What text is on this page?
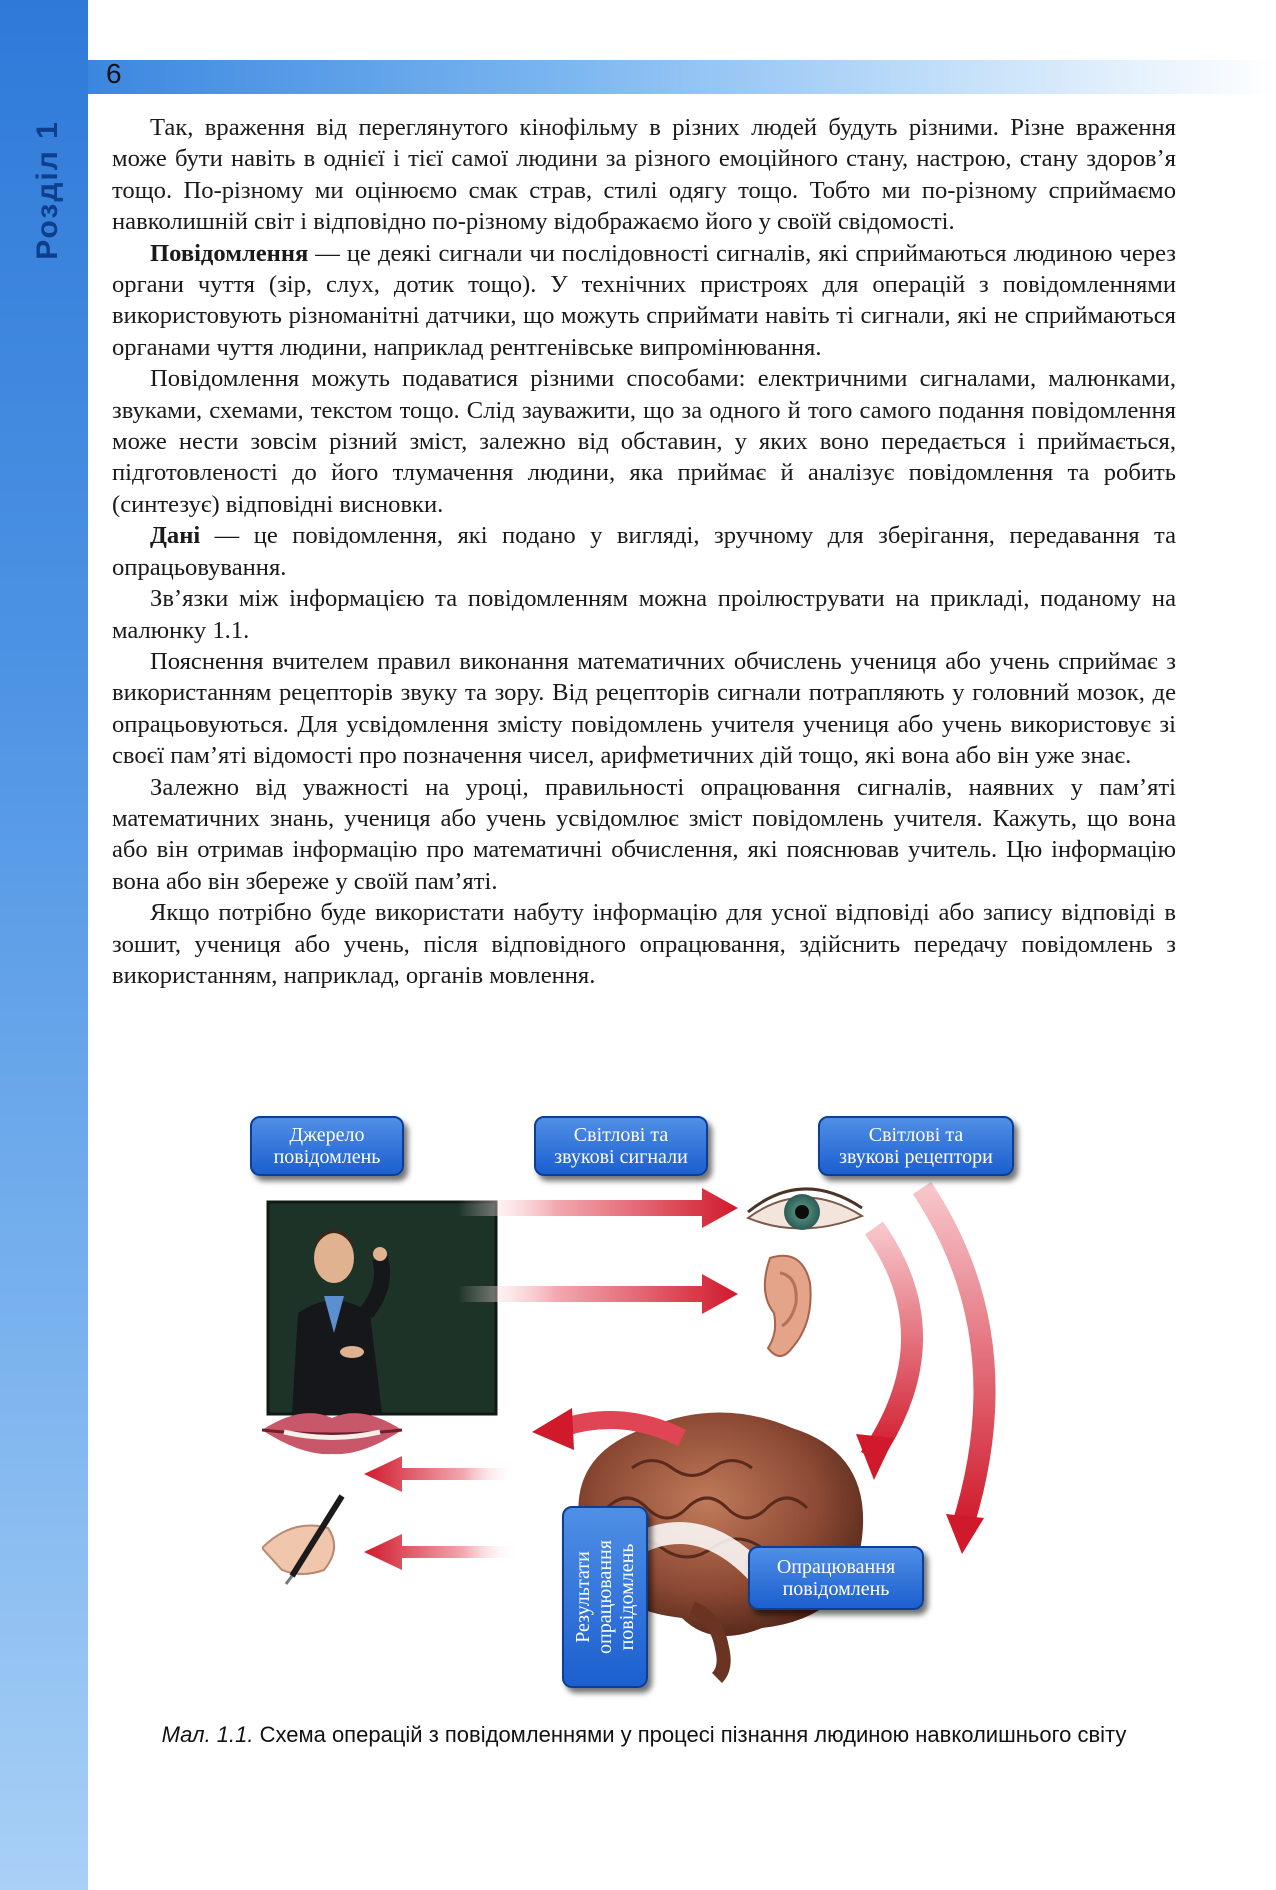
6
Розділ 1	Так, враження від переглянутого кінофільму в різних людей будуть різними. Різне враження може бути навіть в однієї і тієї самої людини за різного емоційного стану, настрою, стану здоров’я тощо. По-різному ми оцінюємо смак страв, стилі одягу тощо. Тобто ми по-різному сприймаємо навколишній світ і відповідно по-різному відображаємо його у своїй свідомості.

Повідомлення — це деякі сигнали чи послідовності сигналів, які сприймаються людиною через органи чуття (зір, слух, дотик тощо). У технічних пристроях для операцій з повідомленнями використовують різноманітні датчики, що можуть сприймати навіть ті сигнали, які не сприймаються органами чуття людини, наприклад рентгенівське випромінювання.

Повідомлення можуть подаватися різними способами: електричними сигналами, малюнками, звуками, схемами, текстом тощо. Слід зауважити, що за одного й того самого подання повідомлення може нести зовсім різний зміст, залежно від обставин, у яких воно передається і приймається, підготовленості до його тлумачення людини, яка приймає й аналізує повідомлення та робить (синтезує) відповідні висновки.

Дані — це повідомлення, які подано у вигляді, зручному для зберігання, передавання та опрацьовування.

Зв’язки між інформацією та повідомленням можна проілюструвати на прикладі, поданому на малюнку 1.1.

Пояснення вчителем правил виконання математичних обчислень учениця або учень сприймає з використанням рецепторів звуку та зору. Від рецепторів сигнали потрапляють у головний мозок, де опрацьовуються. Для усвідомлення змісту повідомлень учителя учениця або учень використовує зі своєї пам’яті відомості про позначення чисел, арифметичних дій тощо, які вона або він уже знає.

Залежно від уважності на уроці, правильності опрацювання сигналів, наявних у пам’яті математичних знань, учениця або учень усвідомлює зміст повідомлень учителя. Кажуть, що вона або він отримав інформацію про математичні обчислення, які пояснював учитель. Цю інформацію вона або він збереже у своїй пам’яті.

Якщо потрібно буде використати набуту інформацію для усної відповіді або запису відповіді в зошит, учениця або учень, після відповідного опрацювання, здійснить передачу повідомлень з використанням, наприклад, органів мовлення.

Джерело
повідомлень
Світлові та
звукові сигнали
Світлові та
звукові рецептори
Опрацювання
повідомлень
Результати опрацювання повідомлень
Мал. 1.1. Схема операцій з повідомленнями у процесі пізнання людиною навколишнього світу
